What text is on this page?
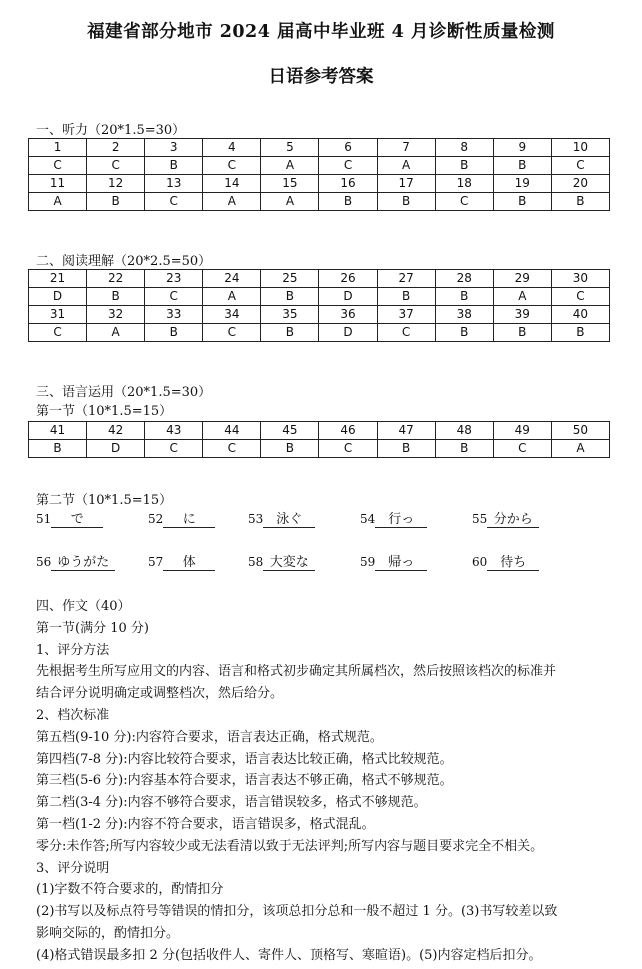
福建省部分地市 2024 届高中毕业班 4 月诊断性质量检测
日语参考答案
一、听力（20*1.5=30）
1	2	3	4	5	6	7	8	9	10
C	C	B	C	A	C	A	B	B	C
11	12	13	14	15	16	17	18	19	20
A	B	C	A	A	B	B	C	B	B
二、阅读理解（20*2.5=50）
21	22	23	24	25	26	27	28	29	30
D	B	C	A	B	D	B	B	A	C
31	32	33	34	35	36	37	38	39	40
C	A	B	C	B	D	C	B	B	B
三、语言运用（20*1.5=30）
第一节（10*1.5=15）
41	42	43	44	45	46	47	48	49	50
B	D	C	C	B	C	B	B	C	A
第二节（10*1.5=15）
51 で	52 に	53 泳ぐ	54 行っ	55 分から
56 ゆうがた	57 体	58 大変な	59 帰っ	60 待ち
四、作文（40）
第一节(满分 10 分)
1、评分方法
先根据考生所写应用文的内容、语言和格式初步确定其所属档次，然后按照该档次的标准并
结合评分说明确定或调整档次，然后给分。
2、档次标准
第五档(9-10 分):内容符合要求，语言表达正确，格式规范。
第四档(7-8 分):内容比较符合要求，语言表达比较正确，格式比较规范。
第三档(5-6 分):内容基本符合要求，语言表达不够正确，格式不够规范。
第二档(3-4 分):内容不够符合要求，语言错误较多，格式不够规范。
第一档(1-2 分):内容不符合要求，语言错误多，格式混乱。
零分:未作答;所写内容较少或无法看清以致于无法评判;所写内容与题目要求完全不相关。
3、评分说明
(1)字数不符合要求的，酌情扣分
(2)书写以及标点符号等错误的情扣分，该项总扣分总和一般不超过 1 分。(3)书写较差以致
影响交际的，酌情扣分。
(4)格式错误最多扣 2 分(包括收件人、寄件人、顶格写、寒暄语)。(5)内容定档后扣分。
